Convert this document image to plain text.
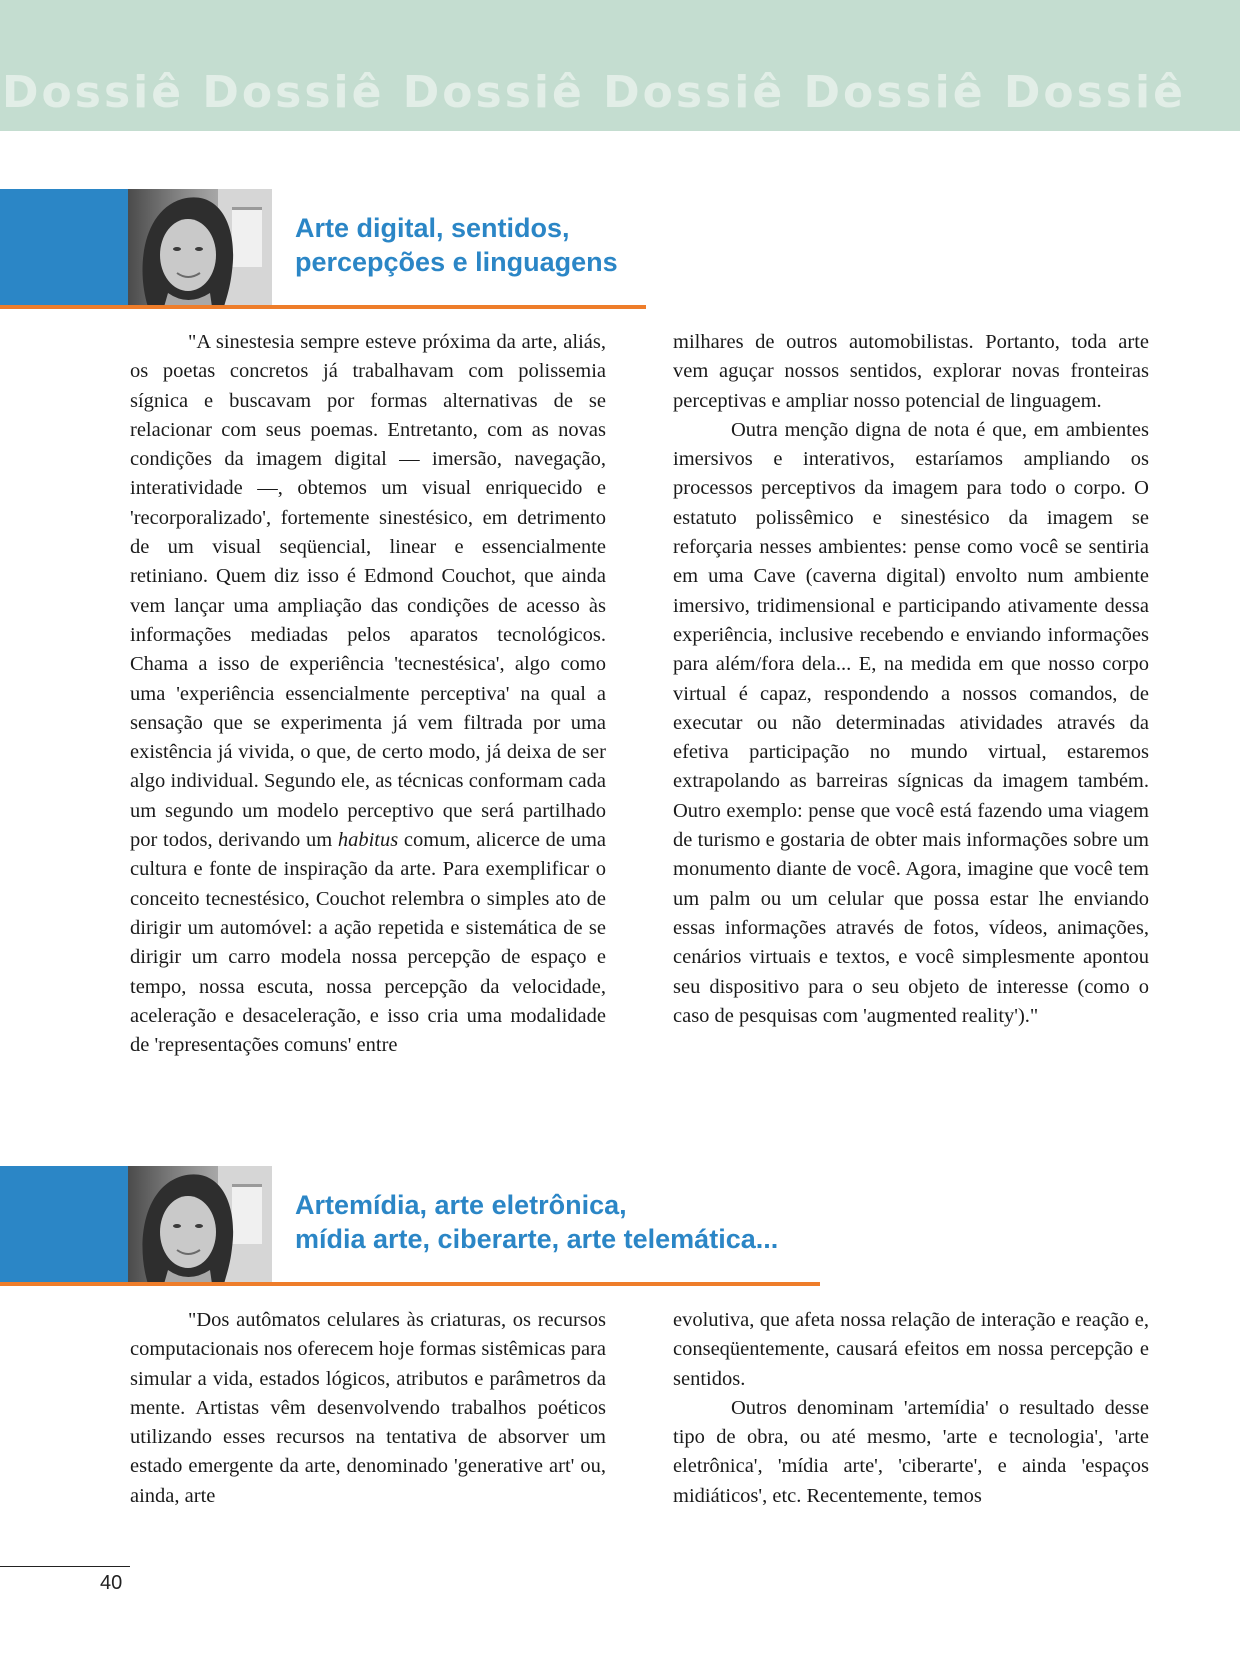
Dossiê Dossiê Dossiê Dossiê Dossiê Dossiê

Arte digital, sentidos,
percepções e linguagens

"A sinestesia sempre esteve próxima da arte, aliás, os poetas concretos já trabalhavam com polissemia sígnica e buscavam por formas alternativas de se relacionar com seus poemas. Entretanto, com as novas condições da imagem digital — imersão, navegação, interatividade —, obtemos um visual enriquecido e 'recorporalizado', fortemente sinestésico, em detrimento de um visual seqüencial, linear e essencialmente retiniano. Quem diz isso é Edmond Couchot, que ainda vem lançar uma ampliação das condições de acesso às informações mediadas pelos aparatos tecnológicos. Chama a isso de experiência 'tecnestésica', algo como uma 'experiência essencialmente perceptiva' na qual a sensação que se experimenta já vem filtrada por uma existência já vivida, o que, de certo modo, já deixa de ser algo individual. Segundo ele, as técnicas conformam cada um segundo um modelo perceptivo que será partilhado por todos, derivando um habitus comum, alicerce de uma cultura e fonte de inspiração da arte. Para exemplificar o conceito tecnestésico, Couchot relembra o simples ato de dirigir um automóvel: a ação repetida e sistemática de se dirigir um carro modela nossa percepção de espaço e tempo, nossa escuta, nossa percepção da velocidade, aceleração e desaceleração, e isso cria uma modalidade de 'representações comuns' entre

milhares de outros automobilistas. Portanto, toda arte vem aguçar nossos sentidos, explorar novas fronteiras perceptivas e ampliar nosso potencial de linguagem.

Outra menção digna de nota é que, em ambientes imersivos e interativos, estaríamos ampliando os processos perceptivos da imagem para todo o corpo. O estatuto polissêmico e sinestésico da imagem se reforçaria nesses ambientes: pense como você se sentiria em uma Cave (caverna digital) envolto num ambiente imersivo, tridimensional e participando ativamente dessa experiência, inclusive recebendo e enviando informações para além/fora dela... E, na medida em que nosso corpo virtual é capaz, respondendo a nossos comandos, de executar ou não determinadas atividades através da efetiva participação no mundo virtual, estaremos extrapolando as barreiras sígnicas da imagem também. Outro exemplo: pense que você está fazendo uma viagem de turismo e gostaria de obter mais informações sobre um monumento diante de você. Agora, imagine que você tem um palm ou um celular que possa estar lhe enviando essas informações através de fotos, vídeos, animações, cenários virtuais e textos, e você simplesmente apontou seu dispositivo para o seu objeto de interesse (como o caso de pesquisas com 'augmented reality')."

Artemídia, arte eletrônica,
mídia arte, ciberarte, arte telemática...

"Dos autômatos celulares às criaturas, os recursos computacionais nos oferecem hoje formas sistêmicas para simular a vida, estados lógicos, atributos e parâmetros da mente. Artistas vêm desenvolvendo trabalhos poéticos utilizando esses recursos na tentativa de absorver um estado emergente da arte, denominado 'generative art' ou, ainda, arte

evolutiva, que afeta nossa relação de interação e reação e, conseqüentemente, causará efeitos em nossa percepção e sentidos.

Outros denominam 'artemídia' o resultado desse tipo de obra, ou até mesmo, 'arte e tecnologia', 'arte eletrônica', 'mídia arte', 'ciberarte', e ainda 'espaços midiáticos', etc. Recentemente, temos

40
